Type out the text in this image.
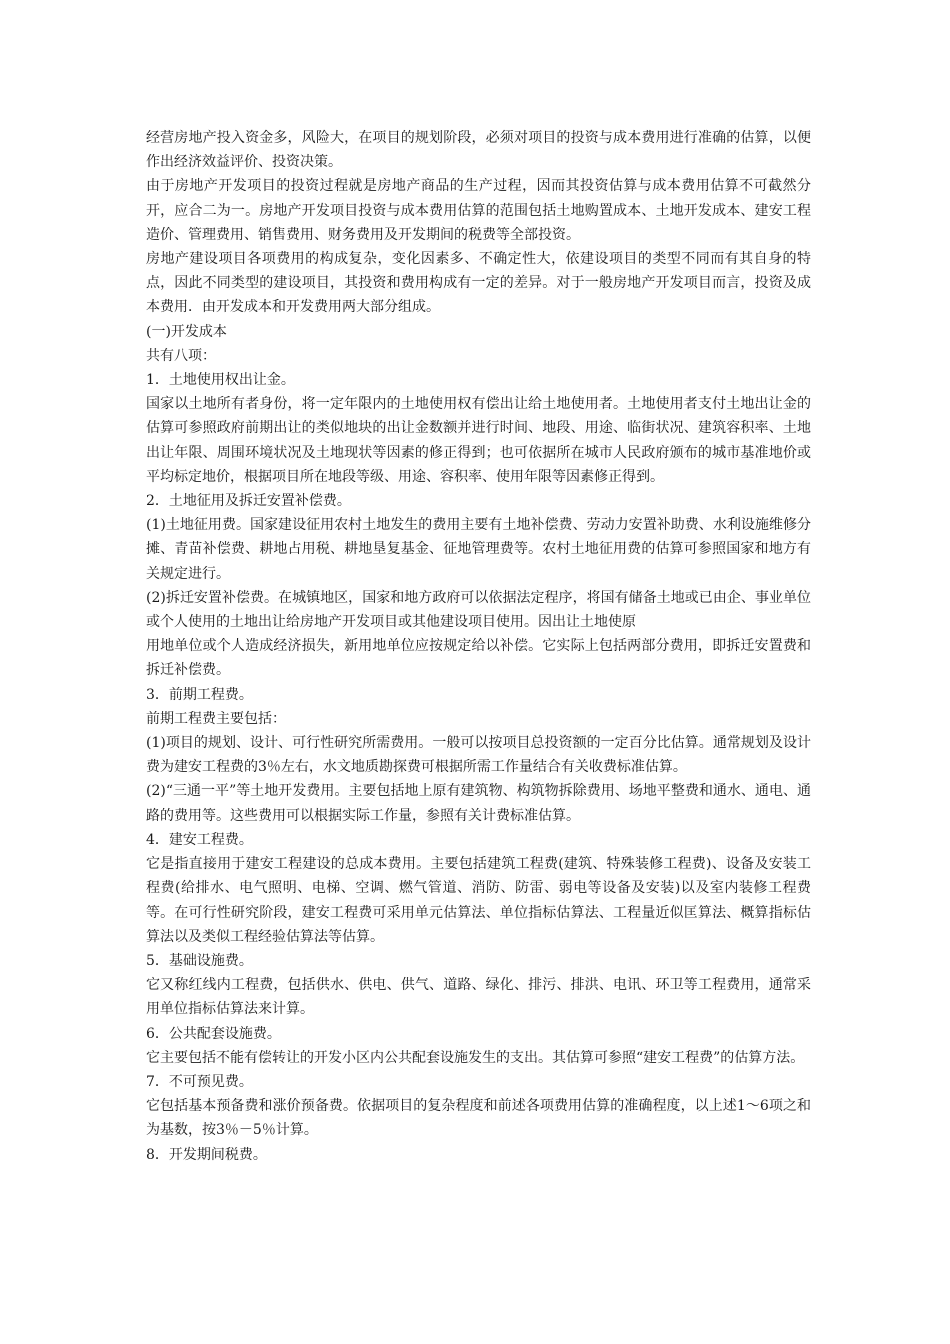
经营房地产投入资金多，风险大，在项目的规划阶段，必须对项目的投资与成本费用进行准确的估算，以便作出经济效益评价、投资决策。

由于房地产开发项目的投资过程就是房地产商品的生产过程，因而其投资估算与成本费用估算不可截然分开，应合二为一。房地产开发项目投资与成本费用估算的范围包括土地购置成本、土地开发成本、建安工程造价、管理费用、销售费用、财务费用及开发期间的税费等全部投资。

房地产建设项目各项费用的构成复杂，变化因素多、不确定性大，依建设项目的类型不同而有其自身的特点，因此不同类型的建设项目，其投资和费用构成有一定的差异。对于一般房地产开发项目而言，投资及成本费用．由开发成本和开发费用两大部分组成。

(一)开发成本

共有八项：

1．土地使用权出让金。

国家以土地所有者身份，将一定年限内的土地使用权有偿出让给土地使用者。土地使用者支付土地出让金的估算可参照政府前期出让的类似地块的出让金数额并进行时间、地段、用途、临街状况、建筑容积率、土地出让年限、周围环境状况及土地现状等因素的修正得到；也可依据所在城市人民政府颁布的城市基准地价或平均标定地价，根据项目所在地段等级、用途、容积率、使用年限等因素修正得到。

2．土地征用及拆迁安置补偿费。

(1)土地征用费。国家建设征用农村土地发生的费用主要有土地补偿费、劳动力安置补助费、水利设施维修分摊、青苗补偿费、耕地占用税、耕地垦复基金、征地管理费等。农村土地征用费的估算可参照国家和地方有关规定进行。

(2)拆迁安置补偿费。在城镇地区，国家和地方政府可以依据法定程序，将国有储备土地或已由企、事业单位或个人使用的土地出让给房地产开发项目或其他建设项目使用。因出让土地使原

用地单位或个人造成经济损失，新用地单位应按规定给以补偿。它实际上包括两部分费用，即拆迁安置费和拆迁补偿费。

3．前期工程费。

前期工程费主要包括：

(1)项目的规划、设计、可行性研究所需费用。一般可以按项目总投资额的一定百分比估算。通常规划及设计费为建安工程费的3％左右，水文地质勘探费可根据所需工作量结合有关收费标准估算。

(2)“三通一平”等土地开发费用。主要包括地上原有建筑物、构筑物拆除费用、场地平整费和通水、通电、通路的费用等。这些费用可以根据实际工作量，参照有关计费标准估算。

4．建安工程费。

它是指直接用于建安工程建设的总成本费用。主要包括建筑工程费(建筑、特殊装修工程费)、设备及安装工程费(给排水、电气照明、电梯、空调、燃气管道、消防、防雷、弱电等设备及安装)以及室内装修工程费等。在可行性研究阶段，建安工程费可采用单元估算法、单位指标估算法、工程量近似匡算法、概算指标估算法以及类似工程经验估算法等估算。

5．基础设施费。

它又称红线内工程费，包括供水、供电、供气、道路、绿化、排污、排洪、电讯、环卫等工程费用，通常采用单位指标估算法来计算。

6．公共配套设施费。

它主要包括不能有偿转让的开发小区内公共配套设施发生的支出。其估算可参照“建安工程费”的估算方法。

7．不可预见费。

它包括基本预备费和涨价预备费。依据项目的复杂程度和前述各项费用估算的准确程度，以上述1～6项之和为基数，按3％－5％计算。

8．开发期间税费。
